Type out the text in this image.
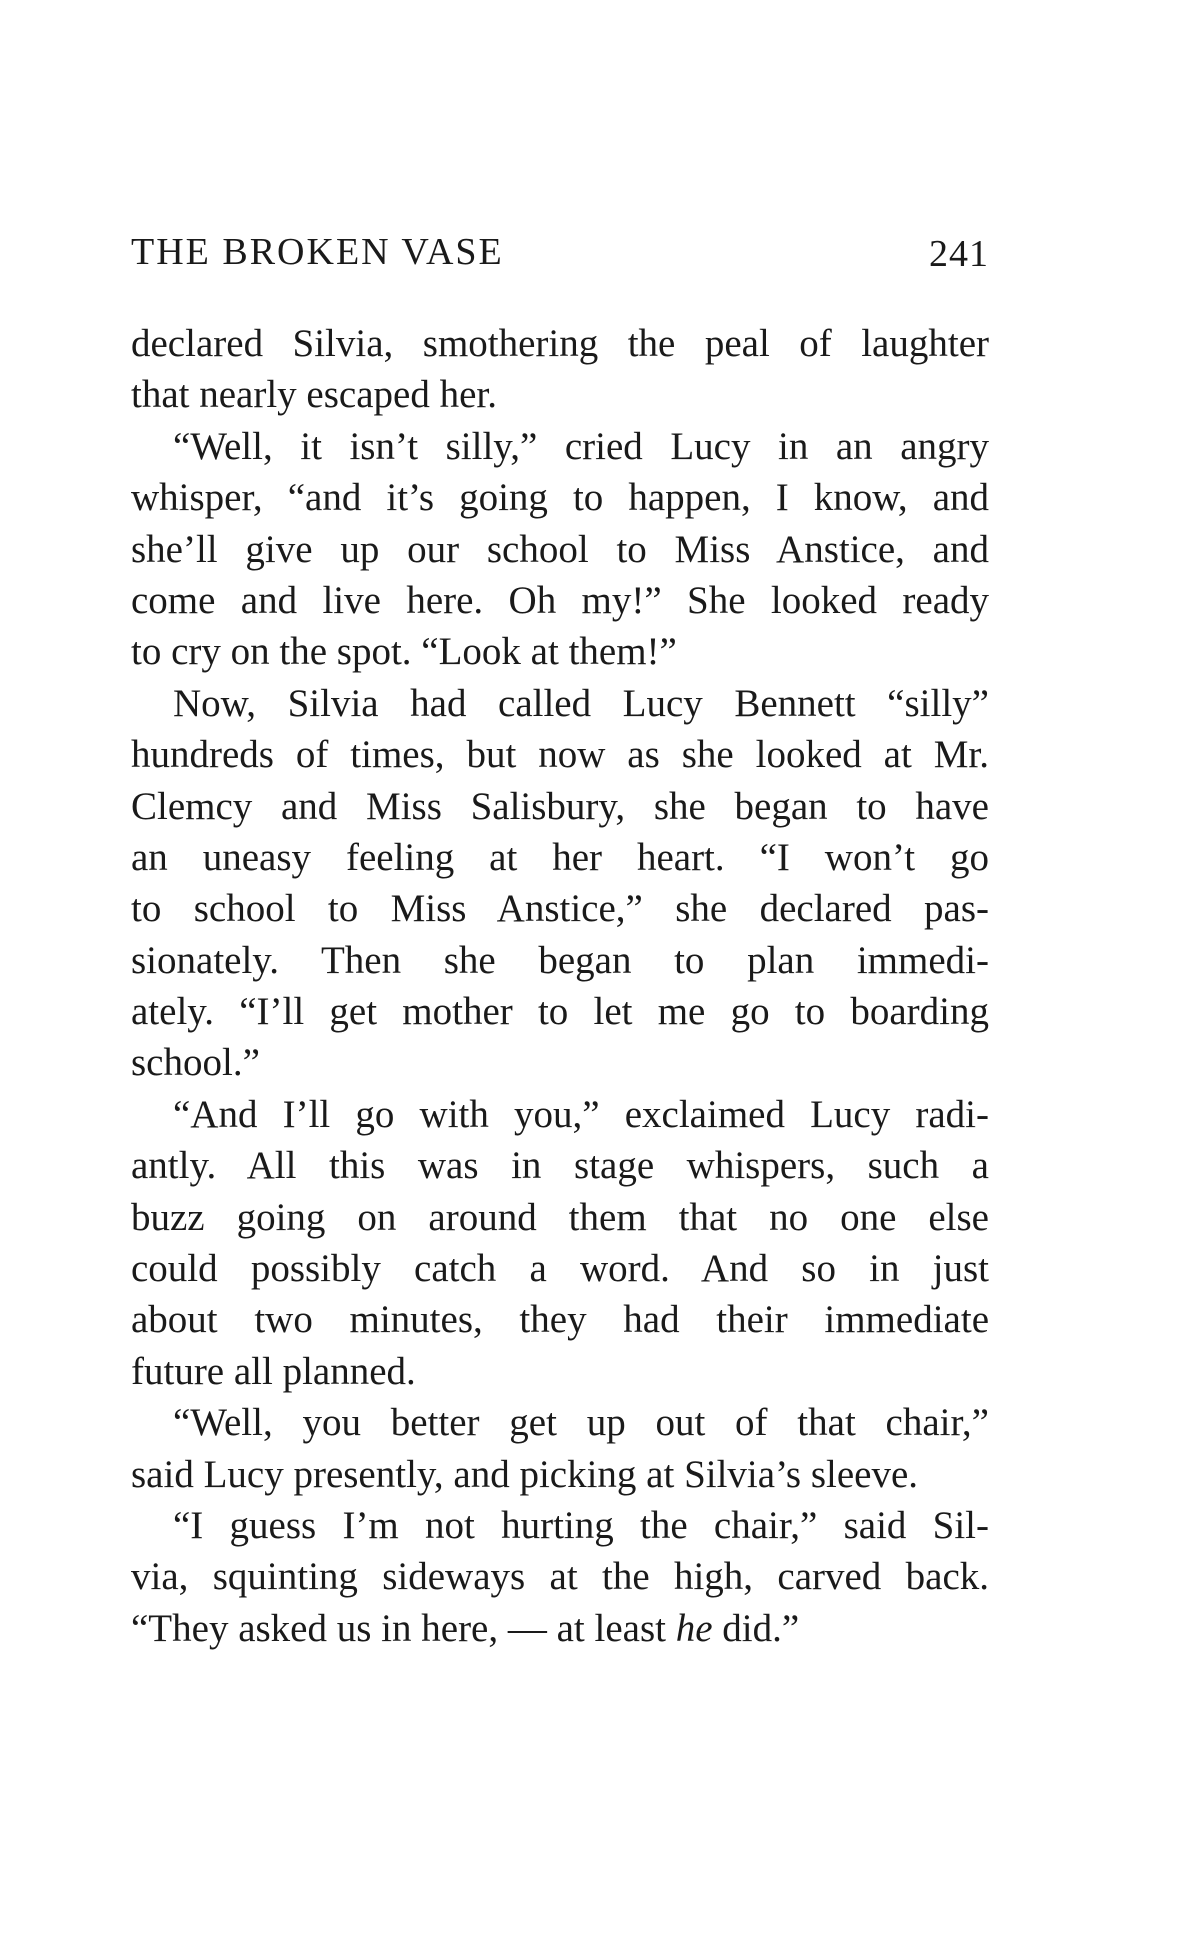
THE BROKEN VASE	241
declared Silvia, smothering the peal of laughter
that nearly escaped her.
“Well, it isn’t silly,” cried Lucy in an angry
whisper, “and it’s going to happen, I know, and
she’ll give up our school to Miss Anstice, and
come and live here. Oh my!” She looked ready
to cry on the spot. “Look at them!”
Now, Silvia had called Lucy Bennett “silly”
hundreds of times, but now as she looked at Mr.
Clemcy and Miss Salisbury, she began to have
an uneasy feeling at her heart. “I won’t go
to school to Miss Anstice,” she declared pas-
sionately. Then she began to plan immedi-
ately. “I’ll get mother to let me go to boarding
school.”
“And I’ll go with you,” exclaimed Lucy radi-
antly. All this was in stage whispers, such a
buzz going on around them that no one else
could possibly catch a word. And so in just
about two minutes, they had their immediate
future all planned.
“Well, you better get up out of that chair,”
said Lucy presently, and picking at Silvia’s sleeve.
“I guess I’m not hurting the chair,” said Sil-
via, squinting sideways at the high, carved back.
“They asked us in here, — at least he did.”
